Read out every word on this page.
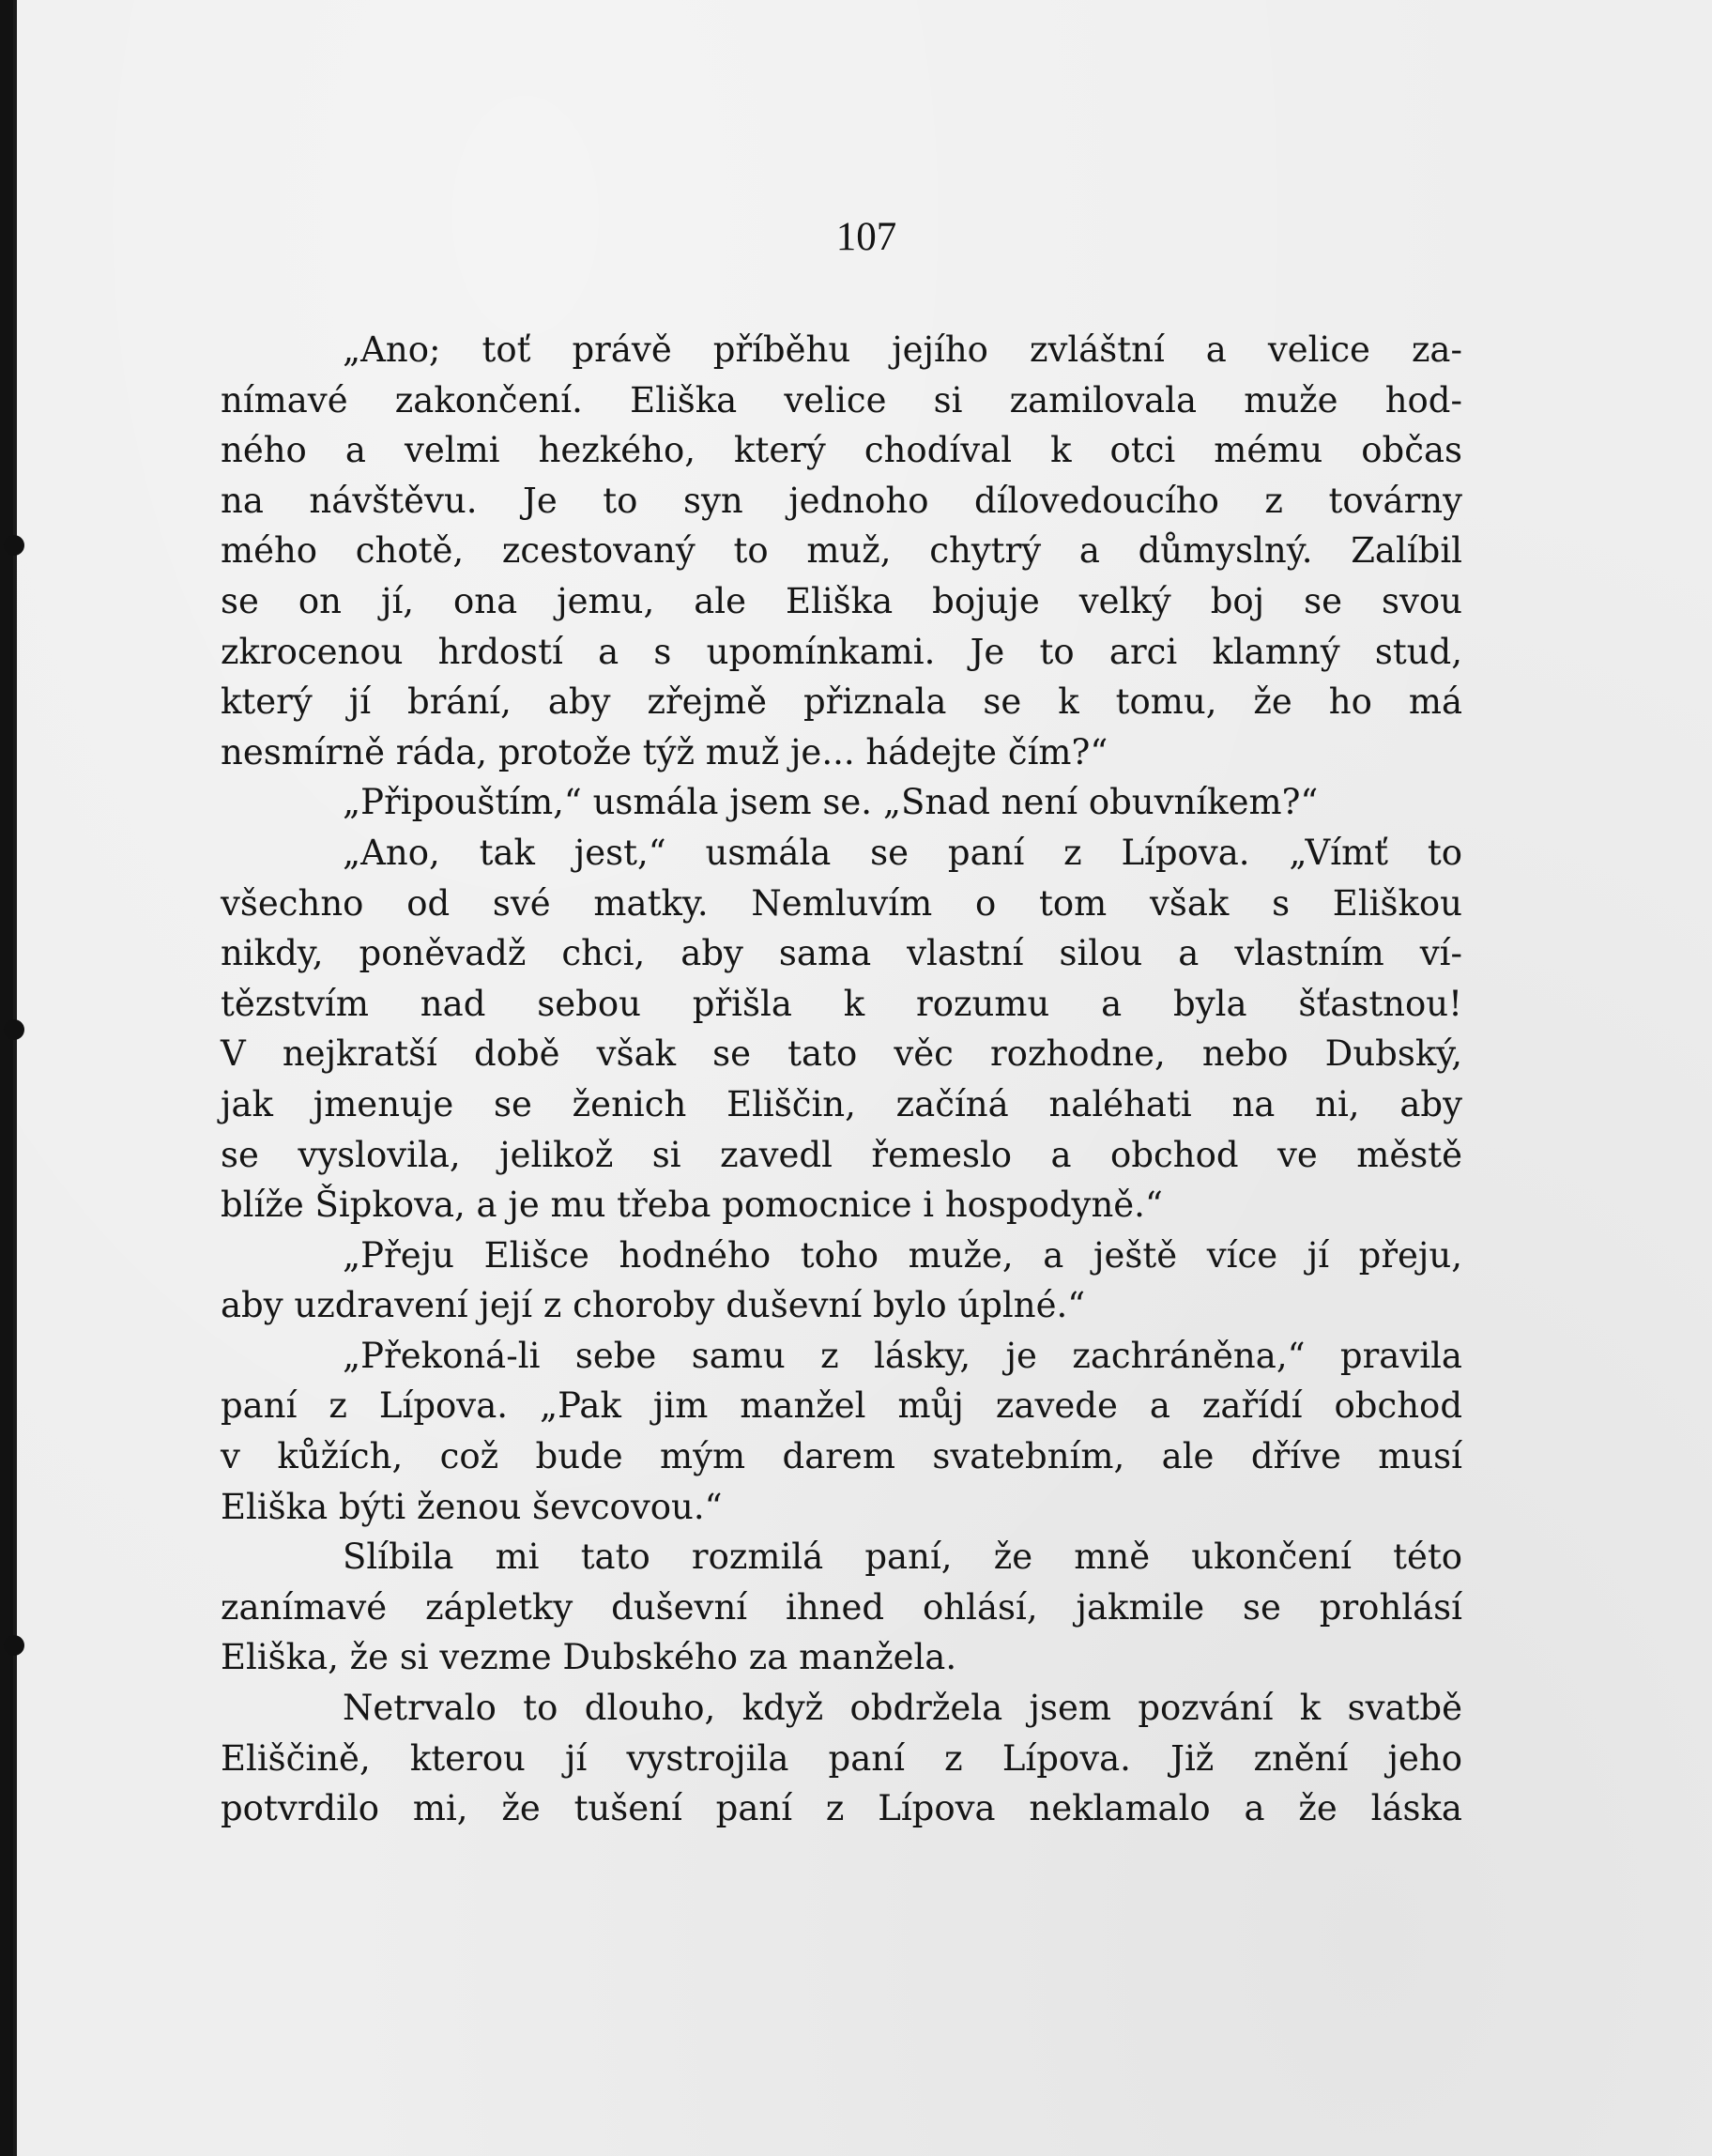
107
„Ano; toť právě příběhu jejího zvláštní a velice za-
nímavé zakončení. Eliška velice si zamilovala muže hod-
ného a velmi hezkého, který chodíval k otci mému občas
na návštěvu. Je to syn jednoho dílovedoucího z továrny
mého chotě, zcestovaný to muž, chytrý a důmyslný. Zalíbil
se on jí, ona jemu, ale Eliška bojuje velký boj se svou
zkrocenou hrdostí a s upomínkami. Je to arci klamný stud,
který jí brání, aby zřejmě přiznala se k tomu, že ho má
nesmírně ráda, protože týž muž je... hádejte čím?“
„Připouštím,“ usmála jsem se. „Snad není obuvníkem?“
„Ano, tak jest,“ usmála se paní z Lípova. „Vímť to
všechno od své matky. Nemluvím o tom však s Eliškou
nikdy, poněvadž chci, aby sama vlastní silou a vlastním ví-
tězstvím nad sebou přišla k rozumu a byla šťastnou!
V nejkratší době však se tato věc rozhodne, nebo Dubský,
jak jmenuje se ženich Eliščin, začíná naléhati na ni, aby
se vyslovila, jelikož si zavedl řemeslo a obchod ve městě
blíže Šipkova, a je mu třeba pomocnice i hospodyně.“
„Přeju Elišce hodného toho muže, a ještě více jí přeju,
aby uzdravení její z choroby duševní bylo úplné.“
„Překoná-li sebe samu z lásky, je zachráněna,“ pravila
paní z Lípova. „Pak jim manžel můj zavede a zařídí obchod
v kůžích, což bude mým darem svatebním, ale dříve musí
Eliška býti ženou ševcovou.“
Slíbila mi tato rozmilá paní, že mně ukončení této
zanímavé zápletky duševní ihned ohlásí, jakmile se prohlásí
Eliška, že si vezme Dubského za manžela.
Netrvalo to dlouho, když obdržela jsem pozvání k svatbě
Eliščině, kterou jí vystrojila paní z Lípova. Již znění jeho
potvrdilo mi, že tušení paní z Lípova neklamalo a že láska
